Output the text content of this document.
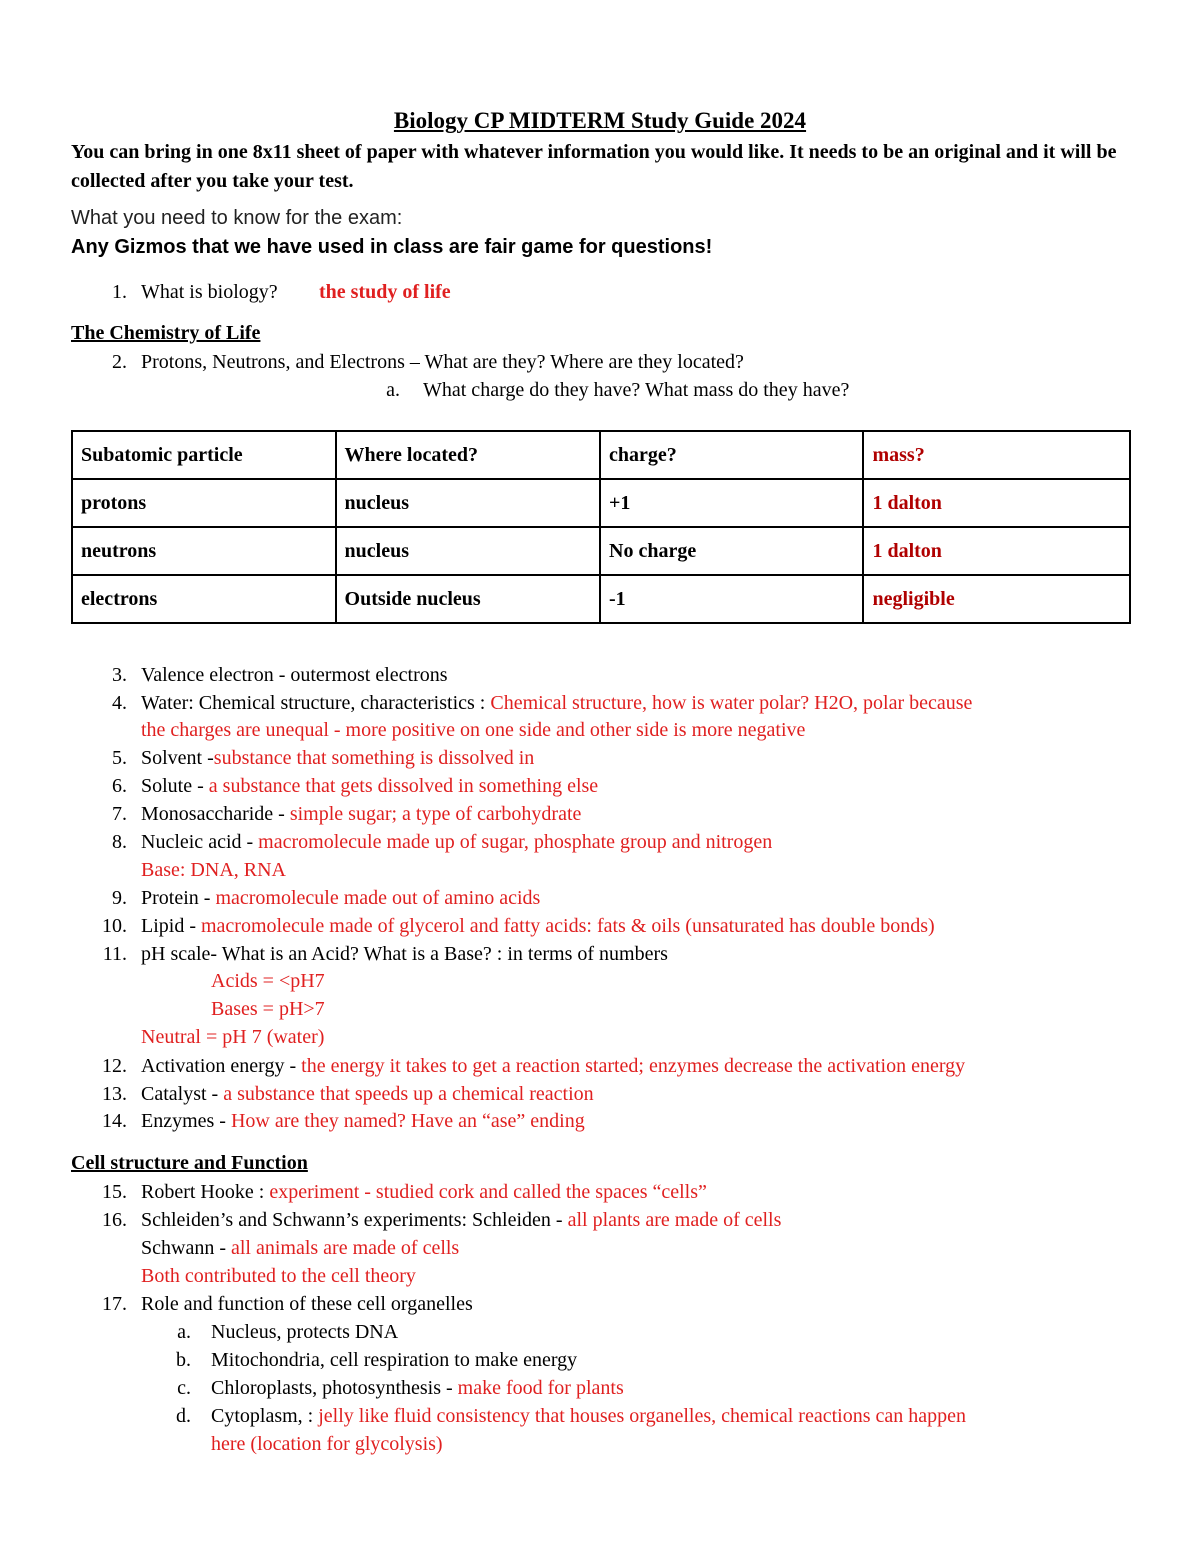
Biology CP MIDTERM Study Guide 2024
You can bring in one 8x11 sheet of paper with whatever information you would like. It needs to be an original and it will be collected after you take your test.
What you need to know for the exam:
Any Gizmos that we have used in class are fair game for questions!
1. What is biology? the study of life
The Chemistry of Life
2. Protons, Neutrons, and Electrons – What are they? Where are they located?
a. What charge do they have? What mass do they have?
Subatomic particle	Where located?	charge?	mass?
protons	nucleus	+1	1 dalton
neutrons	nucleus	No charge	1 dalton
electrons	Outside nucleus	-1	negligible
3. Valence electron - outermost electrons
4. Water: Chemical structure, characteristics : Chemical structure, how is water polar? H2O, polar because
the charges are unequal - more positive on one side and other side is more negative
5. Solvent -substance that something is dissolved in
6. Solute - a substance that gets dissolved in something else
7. Monosaccharide - simple sugar; a type of carbohydrate
8. Nucleic acid - macromolecule made up of sugar, phosphate group and nitrogen
Base: DNA, RNA
9. Protein - macromolecule made out of amino acids
10. Lipid - macromolecule made of glycerol and fatty acids: fats & oils (unsaturated has double bonds)
11. pH scale- What is an Acid? What is a Base? : in terms of numbers
Acids = <pH7
Bases = pH>7
Neutral = pH 7 (water)
12. Activation energy - the energy it takes to get a reaction started; enzymes decrease the activation energy
13. Catalyst - a substance that speeds up a chemical reaction
14. Enzymes - How are they named? Have an “ase” ending
Cell structure and Function
15. Robert Hooke : experiment - studied cork and called the spaces “cells”
16. Schleiden’s and Schwann’s experiments: Schleiden - all plants are made of cells
Schwann - all animals are made of cells
Both contributed to the cell theory
17. Role and function of these cell organelles
a. Nucleus, protects DNA
b. Mitochondria, cell respiration to make energy
c. Chloroplasts, photosynthesis - make food for plants
d. Cytoplasm, : jelly like fluid consistency that houses organelles, chemical reactions can happen
here (location for glycolysis)
